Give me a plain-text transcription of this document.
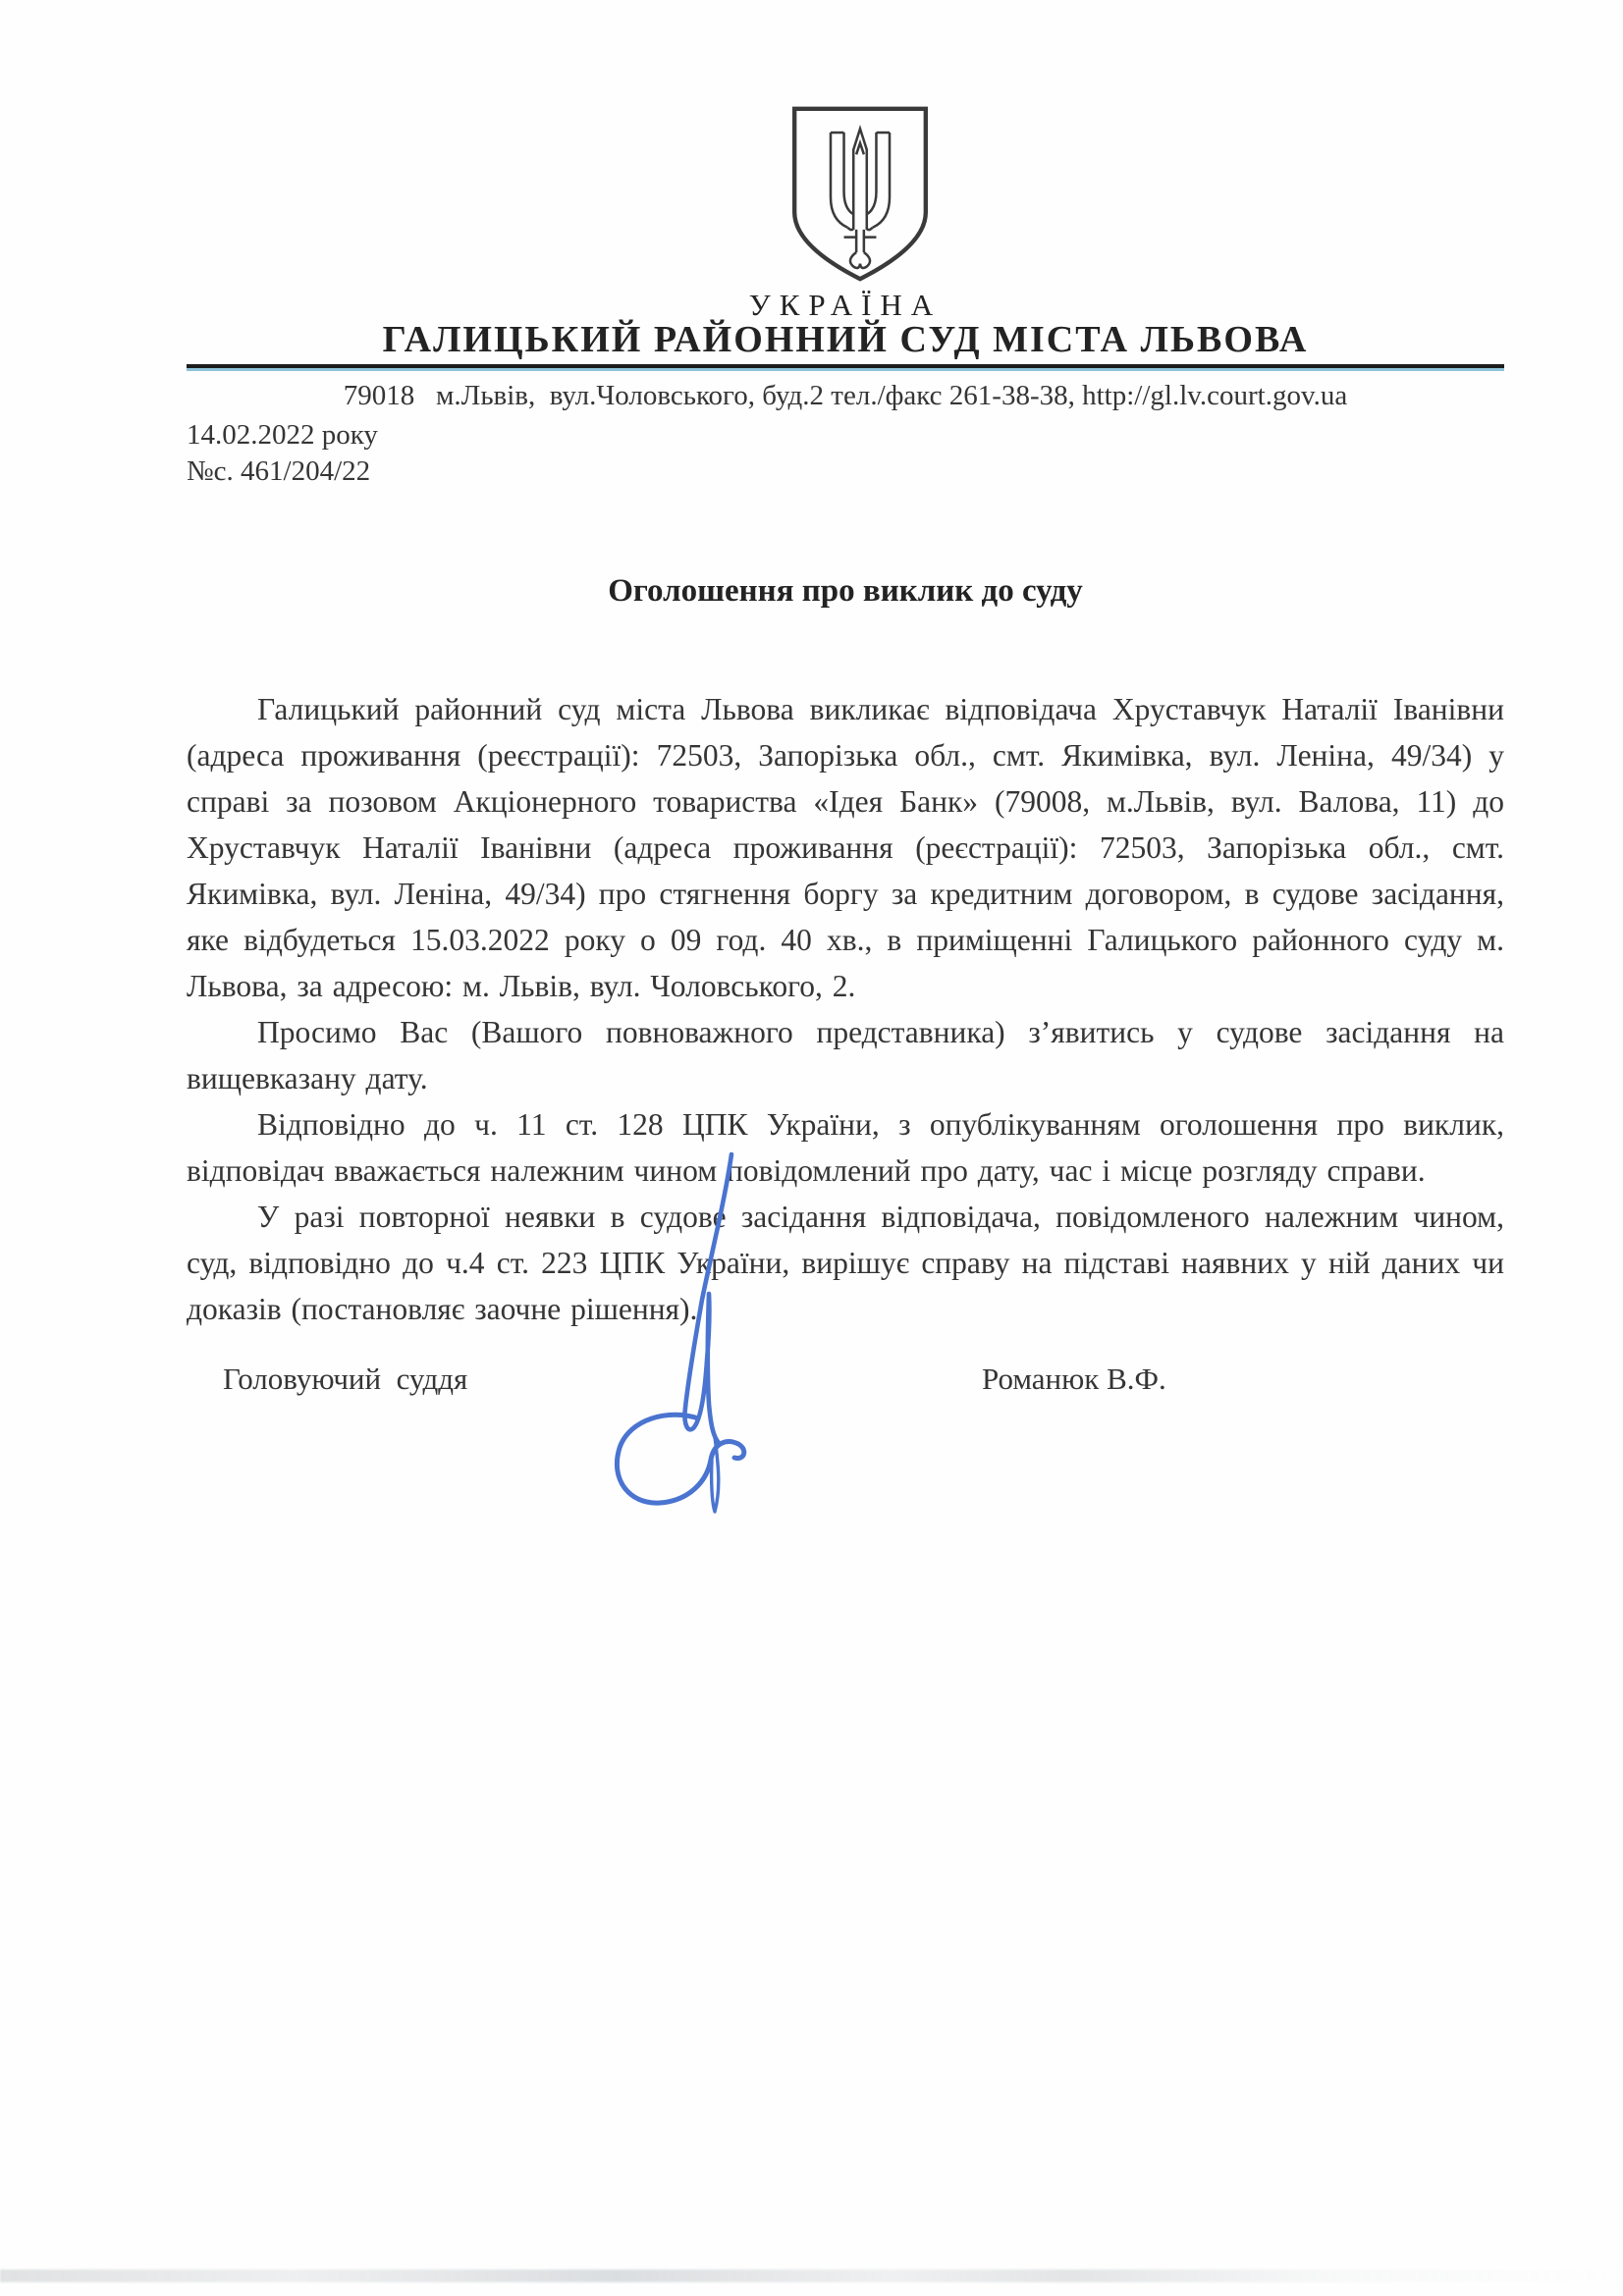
УКРАЇНА
ГАЛИЦЬКИЙ РАЙОННИЙ СУД МІСТА ЛЬВОВА
79018   м.Львів,  вул.Чоловського, буд.2 тел./факс 261-38-38, http://gl.lv.court.gov.ua
14.02.2022 року
№с. 461/204/22
Оголошення про виклик до суду

Галицький районний суд міста Львова викликає відповідача Хруставчук Наталії Іванівни (адреса проживання (реєстрації): 72503, Запорізька обл., смт. Якимівка, вул. Леніна, 49/34) у справі за позовом Акціонерного товариства «Ідея Банк» (79008, м.Львів, вул. Валова, 11) до Хруставчук Наталії Іванівни (адреса проживання (реєстрації): 72503, Запорізька обл., смт. Якимівка, вул. Леніна, 49/34) про стягнення боргу за кредитним договором, в судове засідання, яке відбудеться 15.03.2022 року о 09 год. 40 хв., в приміщенні Галицького районного суду м. Львова, за адресою: м. Львів, вул. Чоловського, 2.

Просимо Вас (Вашого повноважного представника) з’явитись у судове засідання на вищевказану дату.

Відповідно до ч. 11 ст. 128 ЦПК України, з опублікуванням оголошення про виклик, відповідач вважається належним чином повідомлений про дату, час і місце розгляду справи.

У разі повторної неявки в судове засідання відповідача, повідомленого належним чином, суд, відповідно до ч.4 ст. 223 ЦПК України, вирішує справу на підставі наявних у ній даних чи доказів (постановляє заочне рішення).

Головуючий  суддя	Романюк В.Ф.
